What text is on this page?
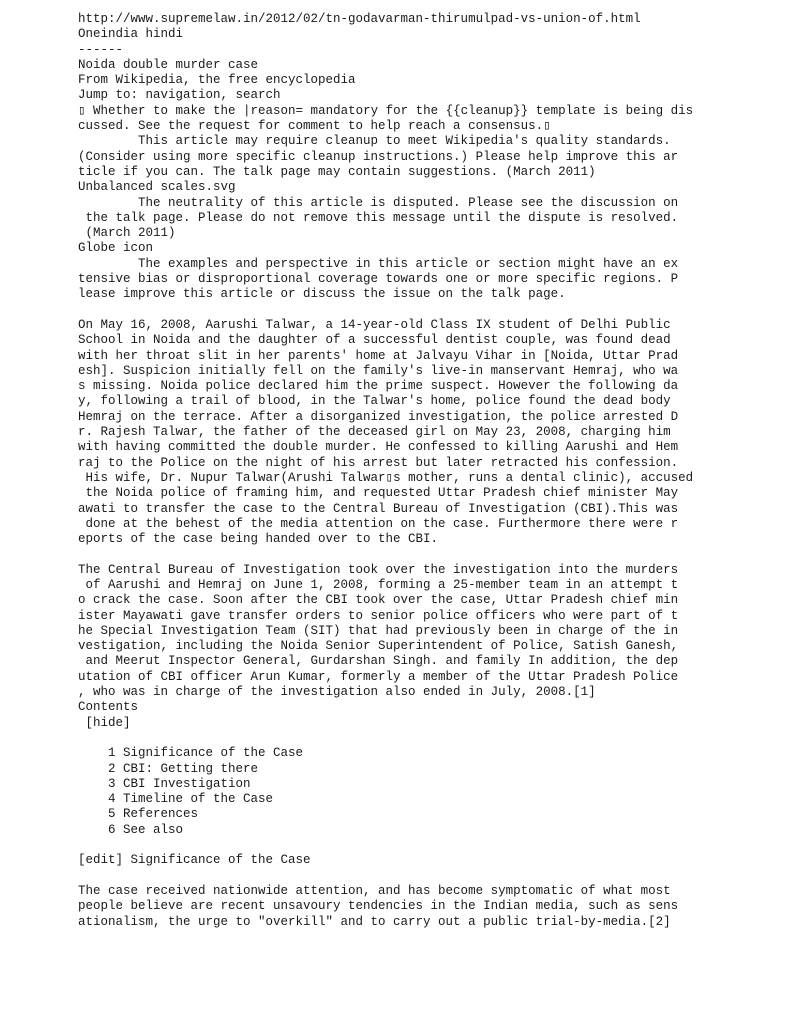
http://www.supremelaw.in/2012/02/tn-godavarman-thirumulpad-vs-union-of.html
Oneindia hindi
------
Noida double murder case
From Wikipedia, the free encyclopedia
Jump to: navigation, search
▯ Whether to make the |reason= mandatory for the {{cleanup}} template is being dis
cussed. See the request for comment to help reach a consensus.▯
This article may require cleanup to meet Wikipedia's quality standards.
(Consider using more specific cleanup instructions.) Please help improve this ar
ticle if you can. The talk page may contain suggestions. (March 2011)
Unbalanced scales.svg
The neutrality of this article is disputed. Please see the discussion on
the talk page. Please do not remove this message until the dispute is resolved.
(March 2011)
Globe icon
The examples and perspective in this article or section might have an ex
tensive bias or disproportional coverage towards one or more specific regions. P
lease improve this article or discuss the issue on the talk page.
On May 16, 2008, Aarushi Talwar, a 14-year-old Class IX student of Delhi Public
School in Noida and the daughter of a successful dentist couple, was found dead
with her throat slit in her parents' home at Jalvayu Vihar in [Noida, Uttar Prad
esh]. Suspicion initially fell on the family's live-in manservant Hemraj, who wa
s missing. Noida police declared him the prime suspect. However the following da
y, following a trail of blood, in the Talwar's home, police found the dead body
Hemraj on the terrace. After a disorganized investigation, the police arrested D
r. Rajesh Talwar, the father of the deceased girl on May 23, 2008, charging him
with having committed the double murder. He confessed to killing Aarushi and Hem
raj to the Police on the night of his arrest but later retracted his confession.
His wife, Dr. Nupur Talwar(Arushi Talwar▯s mother, runs a dental clinic), accused
the Noida police of framing him, and requested Uttar Pradesh chief minister May
awati to transfer the case to the Central Bureau of Investigation (CBI).This was
done at the behest of the media attention on the case. Furthermore there were r
eports of the case being handed over to the CBI.
The Central Bureau of Investigation took over the investigation into the murders
of Aarushi and Hemraj on June 1, 2008, forming a 25-member team in an attempt t
o crack the case. Soon after the CBI took over the case, Uttar Pradesh chief min
ister Mayawati gave transfer orders to senior police officers who were part of t
he Special Investigation Team (SIT) that had previously been in charge of the in
vestigation, including the Noida Senior Superintendent of Police, Satish Ganesh,
and Meerut Inspector General, Gurdarshan Singh. and family In addition, the dep
utation of CBI officer Arun Kumar, formerly a member of the Uttar Pradesh Police
, who was in charge of the investigation also ended in July, 2008.[1]
Contents
[hide]
1 Significance of the Case
2 CBI: Getting there
3 CBI Investigation
4 Timeline of the Case
5 References
6 See also
[edit] Significance of the Case
The case received nationwide attention, and has become symptomatic of what most
people believe are recent unsavoury tendencies in the Indian media, such as sens
ationalism, the urge to "overkill" and to carry out a public trial-by-media.[2]
